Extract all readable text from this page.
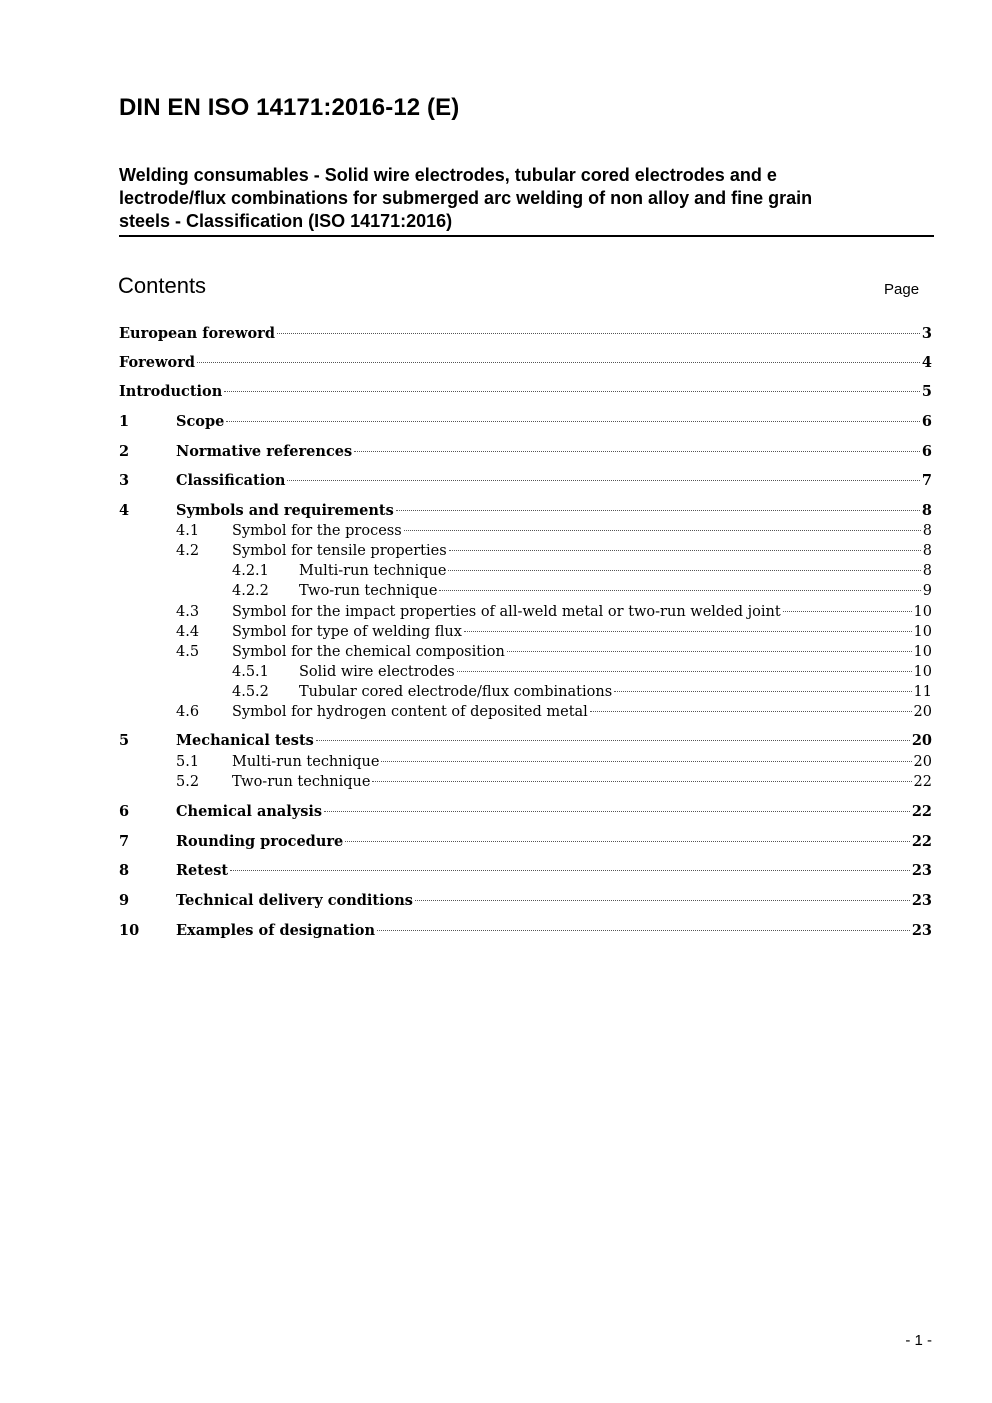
DIN EN ISO 14171:2016-12 (E)
Welding consumables - Solid wire electrodes, tubular cored electrodes and e
lectrode/flux combinations for submerged arc welding of non alloy and fine grain
steels - Classification (ISO 14171:2016)
Contents	Page
European foreword	3
Foreword	4
Introduction	5
1	Scope	6
2	Normative references	6
3	Classification	7
4	Symbols and requirements	8
4.1 Symbol for the process	8
4.2 Symbol for tensile properties	8
4.2.1 Multi-run technique	8
4.2.2 Two-run technique	9
4.3 Symbol for the impact properties of all-weld metal or two-run welded joint	10
4.4 Symbol for type of welding flux	10
4.5 Symbol for the chemical composition	10
4.5.1 Solid wire electrodes	10
4.5.2 Tubular cored electrode/flux combinations	11
4.6 Symbol for hydrogen content of deposited metal	20
5	Mechanical tests	20
5.1 Multi-run technique	20
5.2 Two-run technique	22
6	Chemical analysis	22
7	Rounding procedure	22
8	Retest	23
9	Technical delivery conditions	23
10	Examples of designation	23
- 1 -
